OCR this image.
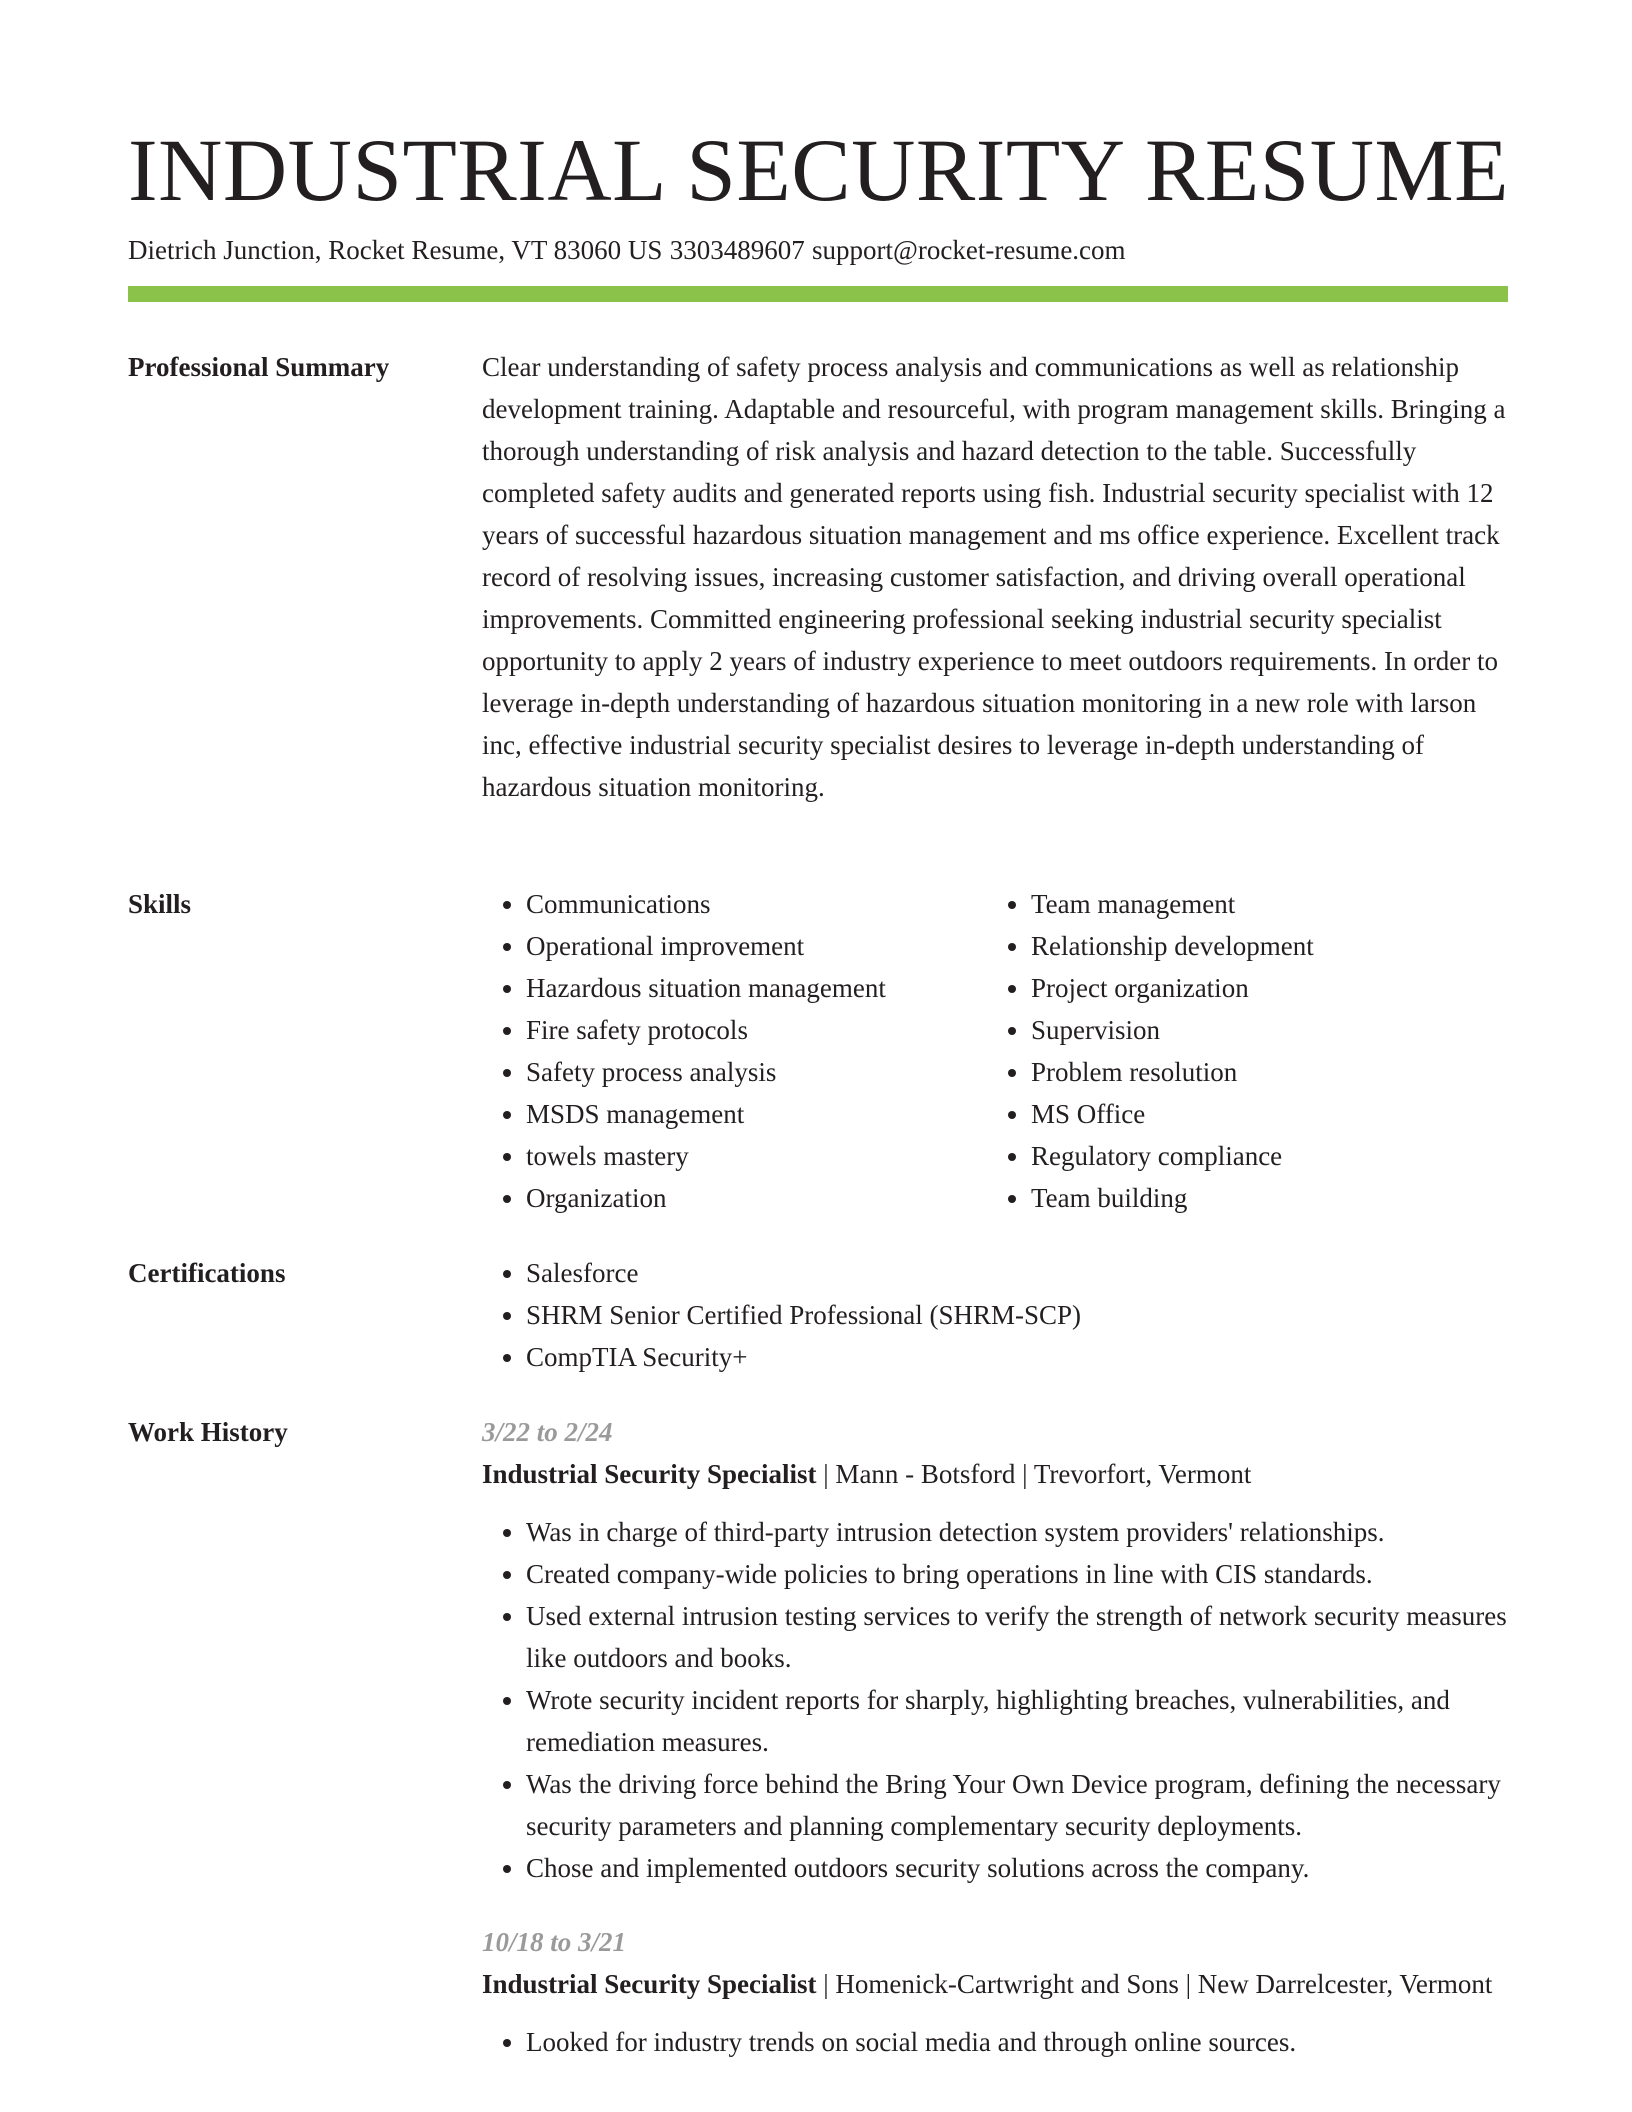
INDUSTRIAL SECURITY RESUME
Dietrich Junction, Rocket Resume, VT 83060 US 3303489607 support@rocket-resume.com
Professional Summary	Clear understanding of safety process analysis and communications as well as relationship development training. Adaptable and resourceful, with program management skills. Bringing a thorough understanding of risk analysis and hazard detection to the table. Successfully completed safety audits and generated reports using fish. Industrial security specialist with 12 years of successful hazardous situation management and ms office experience. Excellent track record of resolving issues, increasing customer satisfaction, and driving overall operational improvements. Committed engineering professional seeking industrial security specialist opportunity to apply 2 years of industry experience to meet outdoors requirements. In order to leverage in-depth understanding of hazardous situation monitoring in a new role with larson inc, effective industrial security specialist desires to leverage in-depth understanding of hazardous situation monitoring.

Skills	• Communications
• Operational improvement
• Hazardous situation management
• Fire safety protocols
• Safety process analysis
• MSDS management
• towels mastery
• Organization
• Team management
• Relationship development
• Project organization
• Supervision
• Problem resolution
• MS Office
• Regulatory compliance
• Team building
Certifications	• Salesforce
• SHRM Senior Certified Professional (SHRM-SCP)
• CompTIA Security+
Work History	3/22 to 2/24
Industrial Security Specialist | Mann - Botsford | Trevorfort, Vermont
• Was in charge of third-party intrusion detection system providers' relationships.
• Created company-wide policies to bring operations in line with CIS standards.
• Used external intrusion testing services to verify the strength of network security measures like outdoors and books.
• Wrote security incident reports for sharply, highlighting breaches, vulnerabilities, and remediation measures.
• Was the driving force behind the Bring Your Own Device program, defining the necessary security parameters and planning complementary security deployments.
• Chose and implemented outdoors security solutions across the company.
10/18 to 3/21
Industrial Security Specialist | Homenick-Cartwright and Sons | New Darrelcester, Vermont
• Looked for industry trends on social media and through online sources.
